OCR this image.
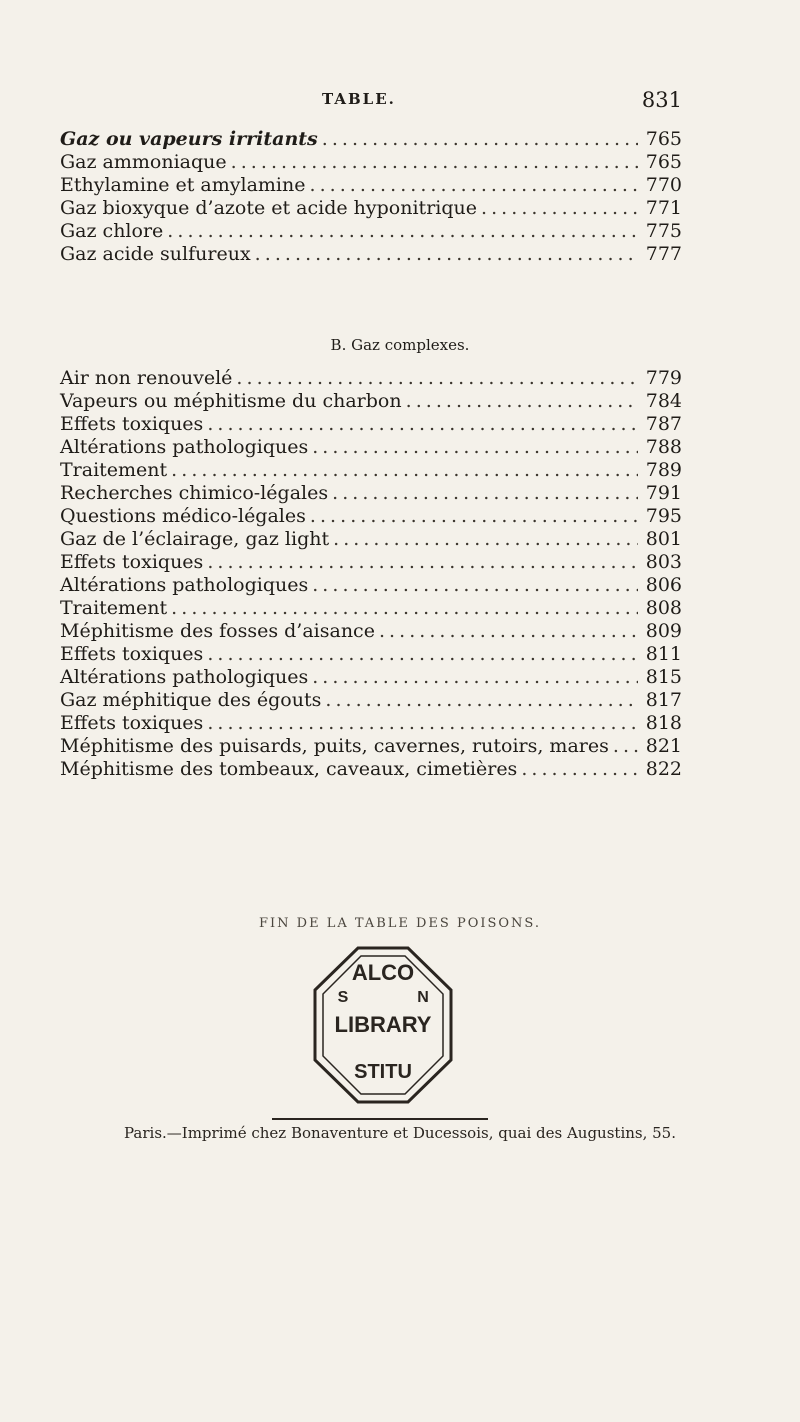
TABLE.	831
Gaz ou vapeurs irritants . . .	765
Gaz ammoniaque . . .	765
Ethylamine et amylamine . . .	770
Gaz bioxyque d’azote et acide hyponitrique . . .	771
Gaz chlore . . .	775
Gaz acide sulfureux . . .	777
B. Gaz complexes.
Air non renouvelé . . .	779
Vapeurs ou méphitisme du charbon . . .	784
Effets toxiques . . .	787
Altérations pathologiques . . .	788
Traitement . . .	789
Recherches chimico-légales . . .	791
Questions médico-légales . . .	795
Gaz de l’éclairage, gaz light . . .	801
Effets toxiques . . .	803
Altérations pathologiques . . .	806
Traitement . . .	808
Méphitisme des fosses d’aisance . . .	809
Effets toxiques . . .	811
Altérations pathologiques . . .	815
Gaz méphitique des égouts . . .	817
Effets toxiques . . .	818
Méphitisme des puisards, puits, cavernes, rutoirs, mares . . . 821
Méphitisme des tombeaux, caveaux, cimetières . . .	822
FIN DE LA TABLE DES POISONS.
ALCO
S	N
LIBRARY
STITU
Paris.—Imprimé chez Bonaventure et Ducessois, quai des Augustins, 55.
